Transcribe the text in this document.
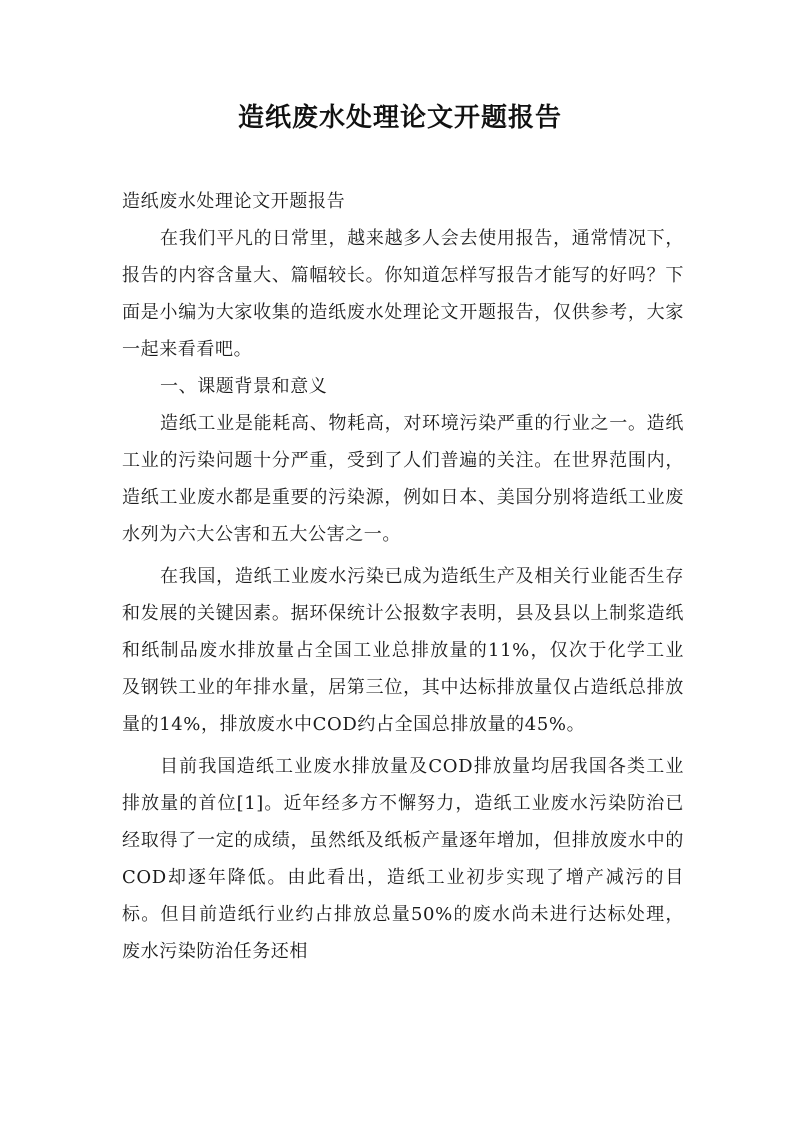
造纸废水处理论文开题报告

造纸废水处理论文开题报告

在我们平凡的日常里，越来越多人会去使用报告，通常情况下，报告的内容含量大、篇幅较长。你知道怎样写报告才能写的好吗？下面是小编为大家收集的造纸废水处理论文开题报告，仅供参考，大家一起来看看吧。

一、课题背景和意义

造纸工业是能耗高、物耗高，对环境污染严重的行业之一。造纸工业的污染问题十分严重，受到了人们普遍的关注。在世界范围内，造纸工业废水都是重要的污染源，例如日本、美国分别将造纸工业废水列为六大公害和五大公害之一。

在我国，造纸工业废水污染已成为造纸生产及相关行业能否生存和发展的关键因素。据环保统计公报数字表明，县及县以上制浆造纸和纸制品废水排放量占全国工业总排放量的11%，仅次于化学工业及钢铁工业的年排水量，居第三位，其中达标排放量仅占造纸总排放量的14%，排放废水中COD约占全国总排放量的45%。

目前我国造纸工业废水排放量及COD排放量均居我国各类工业排放量的首位[1]。近年经多方不懈努力，造纸工业废水污染防治已经取得了一定的成绩，虽然纸及纸板产量逐年增加，但排放废水中的COD却逐年降低。由此看出，造纸工业初步实现了增产减污的目标。但目前造纸行业约占排放总量50%的废水尚未进行达标处理，废水污染防治任务还相
